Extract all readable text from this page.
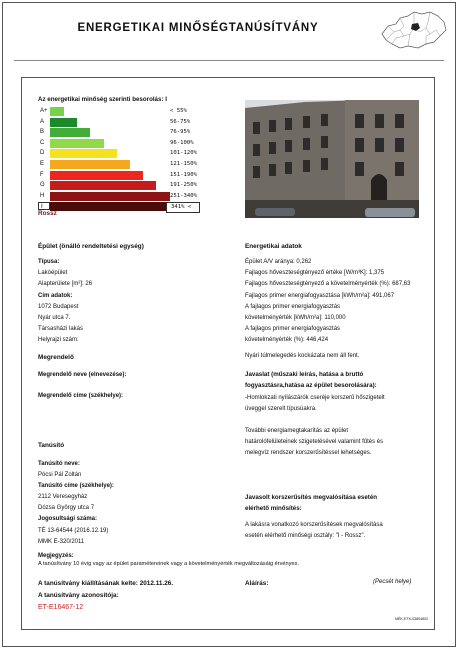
ENERGETIKAI MINŐSÉGTANÚSÍTVÁNY
Az energetikai minőség szerinti besorolás: I
A+	< 55%
A	56-75%
B	76-95%
C	96-100%
D	101-120%
E	121-150%
F	151-190%
G	191-250%
H	251-340%
I	341% <
Rossz
Épület (önálló rendeltetési egység)
Típusa:
Lakóépület
Alapterülete [m²]: 26
Cím adatok:
1072 Budapest
Nyár utca 7.
Társasházi lakás
Helyrajzi szám:
Megrendelő
Megrendelő neve (elnevezése):
Megrendelő címe (székhelye):
Tanúsító
Tanúsító neve:
Pócsi Pál Zoltán
Tanúsító címe (székhelye):
2112 Veresegyház
Dózsa György utca 7
Jogosultsági száma:
TÉ 13-64544 (2016.12.19)
MMK E-320/2011
Energetikai adatok
Épület A/V aránya: 0,262
Fajlagos hőveszteségtényező értéke [W/m³K]: 1,375
Fajlagos hőveszteségtényező a követelményérték (%): 687,63
Fajlagos primer energiafogyasztása [kWh/m²a]: 491,067
A fajlagos primer energiafogyasztás
követelményérték [kWh/m²a]: 110,000
A fajlagos primer energiafogyasztás
követelményérték (%): 446,424
Nyári túlmelegedés kockázata nem áll fent.
Javaslat (műszaki leírás, hatása a bruttó
fogyasztásra,hatása az épület besorolására):
-Homlokzati nyílászárók cseréje korszerű hőszigetelt
üveggel szerelt típusúakra.
További energiamegtakarítás az épület
határolófelületeinek szigetelésével valamint fűtés és
melegvíz rendszer korszerűsítéssel lehetséges.
Javasolt korszerűsítés megvalósítása esetén
elérhető minősítés:
A lakásra vonatkozó korszerűsítések megvalósítása
esetén elérhető minőségi osztály: "I - Rossz".
Megjegyzés:
A tanúsítvány 10 évig vagy az épület paramétereinek vagy a követelményérték megváltozásáig érvényes.
A tanúsítvány kiállításának kelte: 2012.11.26.	Aláírás:	(Pecsét helye)
A tanúsítvány azonosítója:
ET-E16467-12
MÉK-ETK-03804802
